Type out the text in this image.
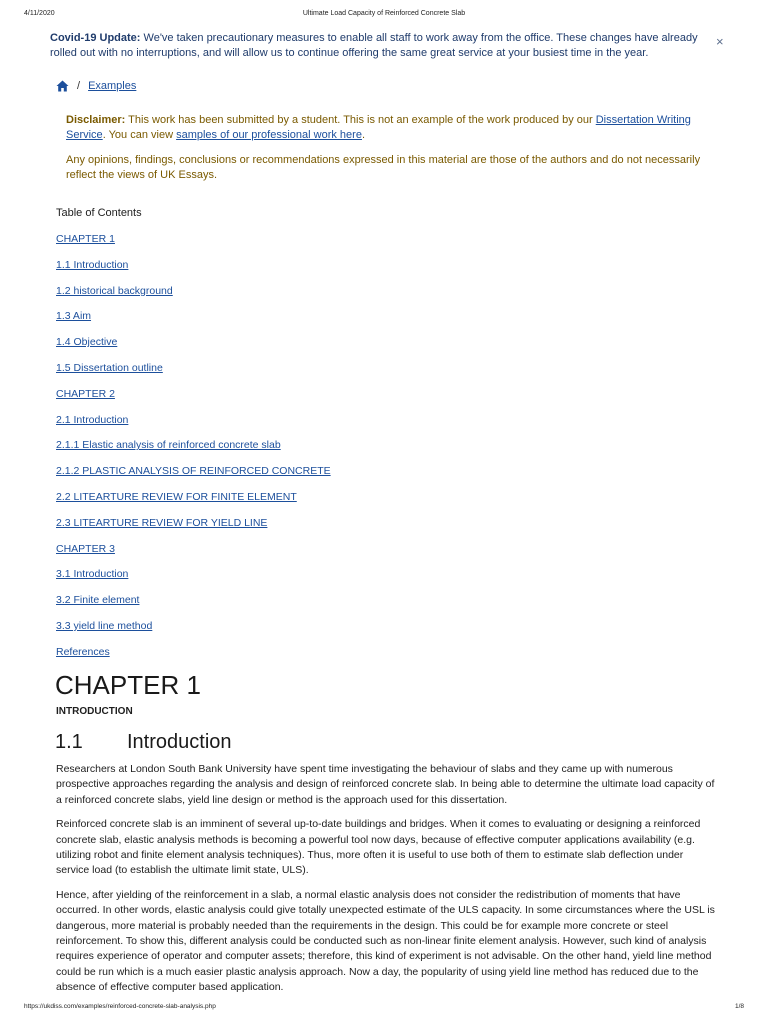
4/11/2020	Ultimate Load Capacity of Reinforced Concrete Slab
Covid-19 Update: We've taken precautionary measures to enable all staff to work away from the office. These changes have already rolled out with no interruptions, and will allow us to continue offering the same great service at your busiest time in the year.
×
/ Examples

Disclaimer: This work has been submitted by a student. This is not an example of the work produced by our Dissertation Writing Service. You can view samples of our professional work here.

Any opinions, findings, conclusions or recommendations expressed in this material are those of the authors and do not necessarily reflect the views of UK Essays.

Table of Contents
CHAPTER 1
1.1 Introduction
1.2 historical background
1.3 Aim
1.4 Objective
1.5 Dissertation outline
CHAPTER 2
2.1 Introduction
2.1.1 Elastic analysis of reinforced concrete slab
2.1.2 PLASTIC ANALYSIS OF REINFORCED CONCRETE
2.2 LITEARTURE REVIEW FOR FINITE ELEMENT
2.3 LITEARTURE REVIEW FOR YIELD LINE
CHAPTER 3
3.1 Introduction
3.2 Finite element
3.3 yield line method
References
CHAPTER 1
INTRODUCTION
1.1 Introduction

Researchers at London South Bank University have spent time investigating the behaviour of slabs and they came up with numerous prospective approaches regarding the analysis and design of reinforced concrete slab. In being able to determine the ultimate load capacity of a reinforced concrete slabs, yield line design or method is the approach used for this dissertation.

Reinforced concrete slab is an imminent of several up-to-date buildings and bridges. When it comes to evaluating or designing a reinforced concrete slab, elastic analysis methods is becoming a powerful tool now days, because of effective computer applications availability (e.g. utilizing robot and finite element analysis techniques). Thus, more often it is useful to use both of them to estimate slab deflection under service load (to establish the ultimate limit state, ULS).

Hence, after yielding of the reinforcement in a slab, a normal elastic analysis does not consider the redistribution of moments that have occurred. In other words, elastic analysis could give totally unexpected estimate of the ULS capacity. In some circumstances where the USL is dangerous, more material is probably needed than the requirements in the design. This could be for example more concrete or steel reinforcement. To show this, different analysis could be conducted such as non-linear finite element analysis. However, such kind of analysis requires experience of operator and computer assets; therefore, this kind of experiment is not advisable. On the other hand, yield line method could be run which is a much easier plastic analysis approach. Now a day, the popularity of using yield line method has reduced due to the absence of effective computer based application.

https://ukdiss.com/examples/reinforced-concrete-slab-analysis.php	1/8
